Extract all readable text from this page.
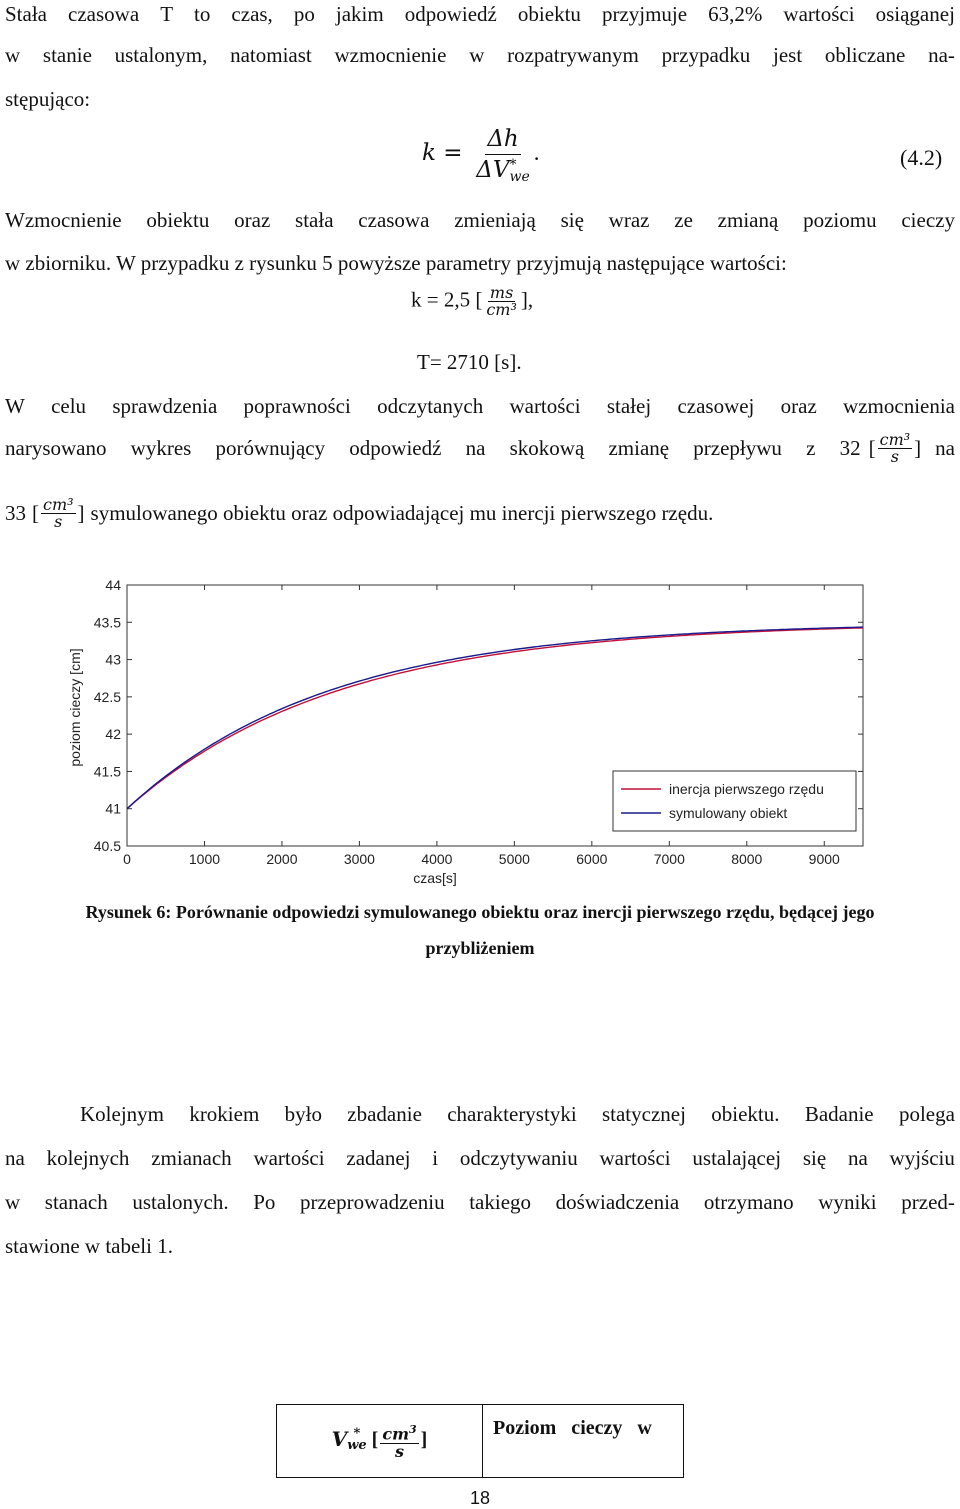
Stała czasowa T to czas, po jakim odpowiedź obiektu przyjmuje 63,2% wartości osiąganej
w stanie ustalonym, natomiast wzmocnienie w rozpatrywanym przypadku jest obliczane na-
stępująco:
k = Δh
ΔV *
we .	(4.2)
Wzmocnienie obiektu oraz stała czasowa zmieniają się wraz ze zmianą poziomu cieczy
w zbiorniku. W przypadku z rysunku 5 powyższe parametry przyjmują następujące wartości:
k = 2,5 [ $\frac{ms}{\text{cm³}}$ ],
T= 2710 [s].
W celu sprawdzenia poprawności odczytanych wartości stałej czasowej oraz wzmocnienia
narysowano wykres porównujący odpowiedź na skokową zmianę przepływu z 32 [ $\frac{\text{cm³}}{s}$ ] na
33 [ $\frac{\text{cm³}}{s}$ ] symulowanego obiektu oraz odpowiadającej mu inercji pierwszego rzędu.
0	1000	2000	3000	4000	5000	6000	7000	8000	9000
40.5
41
41.5
42
42.5
43
43.5
44
czas[s]
poziom cieczy [cm]
inercja pierwszego rzędu
symulowany obiekt
Rysunek 6: Porównanie odpowiedzi symulowanego obiektu oraz inercji pierwszego rzędu, będącej jego
przybliżeniem
Kolejnym krokiem było zbadanie charakterystyki statycznej obiektu. Badanie polega
na kolejnych zmianach wartości zadanej i odczytywaniu wartości ustalającej się na wyjściu
w stanach ustalonych. Po przeprowadzeniu takiego doświadczenia otrzymano wyniki przed-
stawione w tabeli 1.
V *
we [ $\frac{cm^3}{s}$ ]	Poziom   cieczy   w
18
